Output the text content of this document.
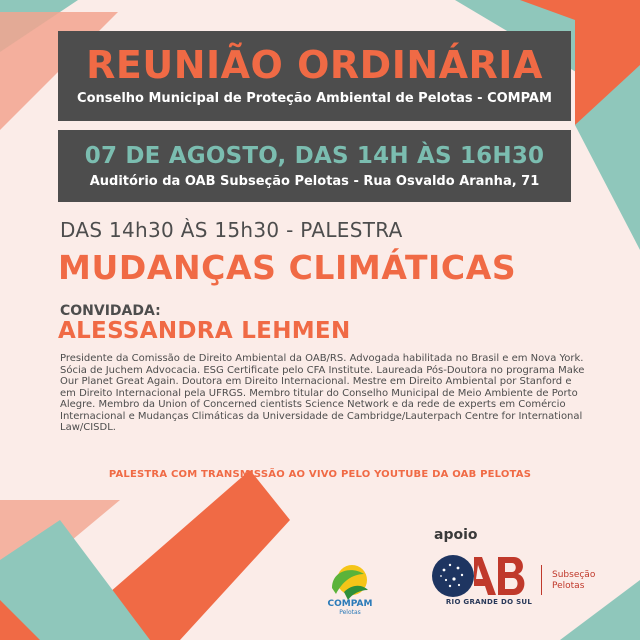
REUNIÃO ORDINÁRIA
Conselho Municipal de Proteção Ambiental de Pelotas - COMPAM
07 DE AGOSTO, DAS 14H ÀS 16H30
Auditório da OAB Subseção Pelotas - Rua Osvaldo Aranha, 71
DAS 14h30 ÀS 15h30 - PALESTRA
MUDANÇAS CLIMÁTICAS
CONVIDADA:
ALESSANDRA LEHMEN

Presidente da Comissão de Direito Ambiental da OAB/RS. Advogada habilitada no Brasil e em Nova York. Sócia de Juchem Advocacia. ESG Certificate pelo CFA Institute. Laureada Pós-Doutora no programa Make Our Planet Great Again. Doutora em Direito Internacional. Mestre em Direito Ambiental por Stanford e em Direito Internacional pela UFRGS. Membro titular do Conselho Municipal de Meio Ambiente de Porto Alegre. Membro da Union of Concerned cientists Science Network e da rede de experts em Comércio Internacional e Mudanças Climáticas da Universidade de Cambridge/Lauterpach Centre for International Law/CISDL.

PALESTRA COM TRANSMISSÃO AO VIVO PELO YOUTUBE DA OAB PELOTAS
apoio
COMPAM
Pelotas
RIO GRANDE DO SUL
Subseção
Pelotas
